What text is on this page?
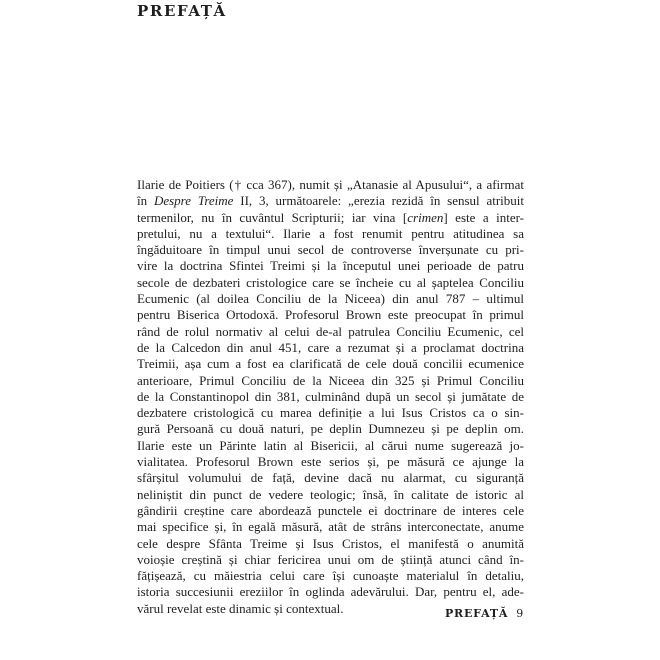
PREFAȚĂ
Ilarie de Poitiers († cca 367), numit și „Atanasie al Apusului“, a afirmat
în Despre Treime II, 3, următoarele: „erezia rezidă în sensul atribuit
termenilor, nu în cuvântul Scripturii; iar vina [crimen] este a inter-
pretului, nu a textului“. Ilarie a fost renumit pentru atitudinea sa
îngăduitoare în timpul unui secol de controverse înverșunate cu pri-
vire la doctrina Sfintei Treimi și la începutul unei perioade de patru
secole de dezbateri cristologice care se încheie cu al șaptelea Conciliu
Ecumenic (al doilea Conciliu de la Niceea) din anul 787 – ultimul
pentru Biserica Ortodoxă. Profesorul Brown este preocupat în primul
rând de rolul normativ al celui de-al patrulea Conciliu Ecumenic, cel
de la Calcedon din anul 451, care a rezumat și a proclamat doctrina
Treimii, așa cum a fost ea clarificată de cele două concilii ecumenice
anterioare, Primul Conciliu de la Niceea din 325 și Primul Conciliu
de la Constantinopol din 381, culminând după un secol și jumătate de
dezbatere cristologică cu marea definiție a lui Isus Cristos ca o sin-
gură Persoană cu două naturi, pe deplin Dumnezeu și pe deplin om.
Ilarie este un Părinte latin al Bisericii, al cărui nume sugerează jo-
vialitatea. Profesorul Brown este serios și, pe măsură ce ajunge la
sfârșitul volumului de față, devine dacă nu alarmat, cu siguranță
neliniștit din punct de vedere teologic; însă, în calitate de istoric al
gândirii creștine care abordează punctele ei doctrinare de interes cele
mai specifice și, în egală măsură, atât de strâns interconectate, anume
cele despre Sfânta Treime și Isus Cristos, el manifestă o anumită
voioșie creștină și chiar fericirea unui om de știință atunci când în-
fățișează, cu măiestria celui care își cunoaște materialul în detaliu,
istoria succesiunii ereziilor în oglinda adevărului. Dar, pentru el, ade-
vărul revelat este dinamic și contextual.	PREFAȚĂ 9
